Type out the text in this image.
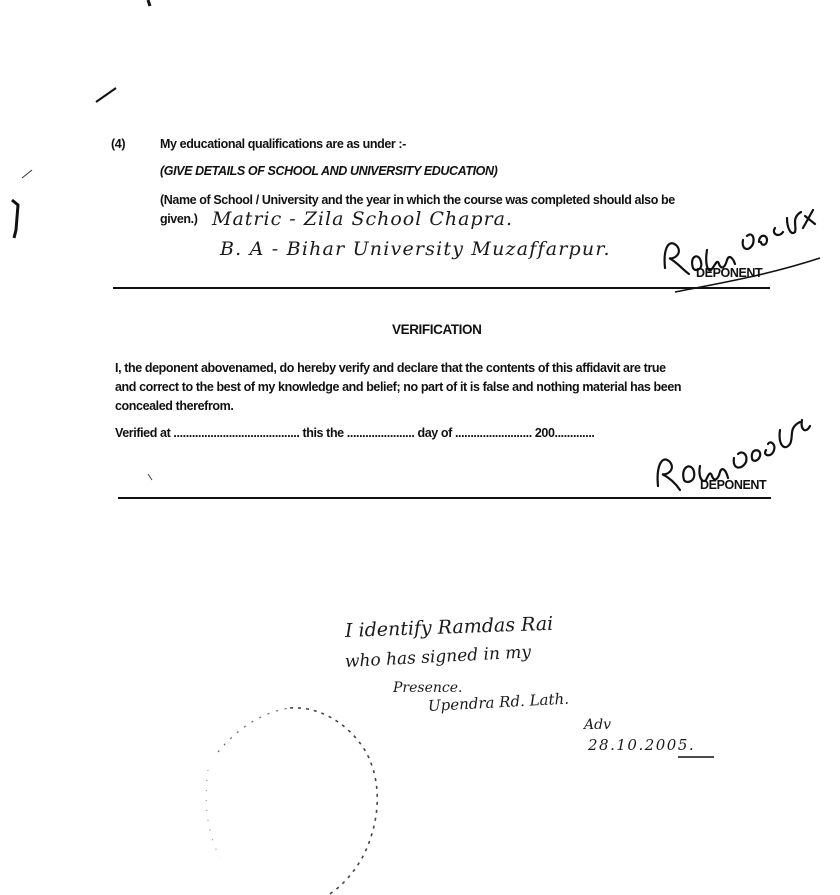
(4)	My educational qualifications are as under :-
(GIVE DETAILS OF SCHOOL AND UNIVERSITY EDUCATION)
(Name of School / University and the year in which the course was completed should also be
given.) Matric - Zila School Chapra.
B. A - Bihar University Muzaffarpur.
DEPONENT
VERIFICATION
I, the deponent abovenamed, do hereby verify and declare that the contents of this affidavit are true
and correct to the best of my knowledge and belief; no part of it is false and nothing material has been
concealed therefrom.
Verified at ......................................... this the ...................... day of ......................... 200.............
DEPONENT
I identify Ramdas Rai
who has signed in my
Presence.
Upendra Rd. Lath.
Adv
28.10.2005.
